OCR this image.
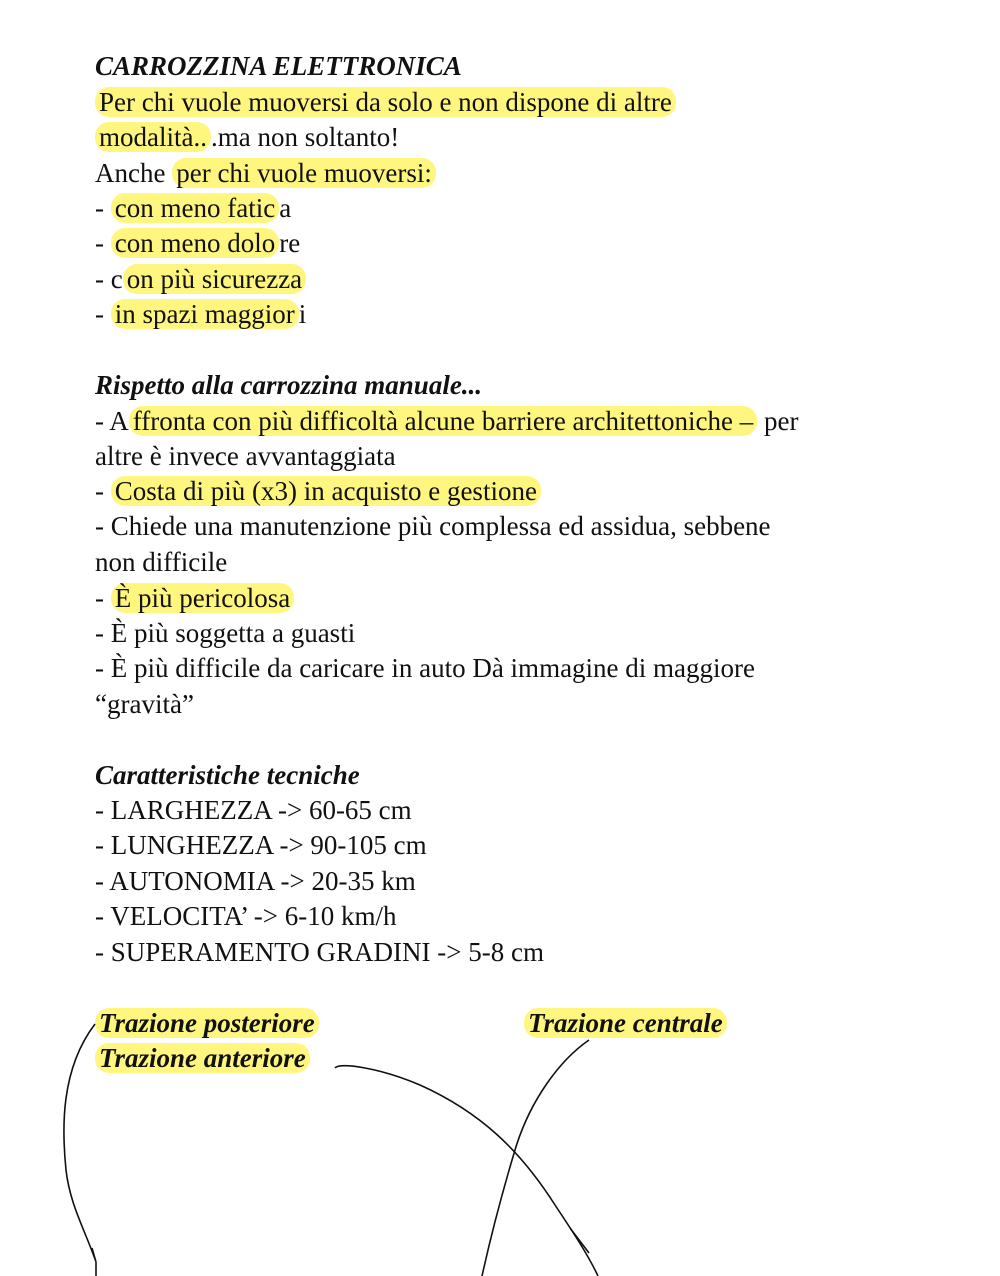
CARROZZINA ELETTRONICA
Per chi vuole muoversi da solo e non dispone di altre
modalità.. .ma non soltanto!
Anche per chi vuole muoversi:
- con meno fatic a
- con meno dolo re
- c on più sicurezza
- in spazi maggior i
Rispetto alla carrozzina manuale...
- A ffronta con più difficoltà alcune barriere architettoniche – per
altre è invece avvantaggiata
- Costa di più (x3) in acquisto e gestione
- Chiede una manutenzione più complessa ed assidua, sebbene
non difficile
- È più pericolosa
- È più soggetta a guasti
- È più difficile da caricare in auto Dà immagine di maggiore
“gravità”
Caratteristiche tecniche
- LARGHEZZA -> 60-65 cm
- LUNGHEZZA -> 90-105 cm
- AUTONOMIA -> 20-35 km
- VELOCITA’ -> 6-10 km/h
- SUPERAMENTO GRADINI -> 5-8 cm
Trazione posteriore	Trazione centrale
Trazione anteriore
